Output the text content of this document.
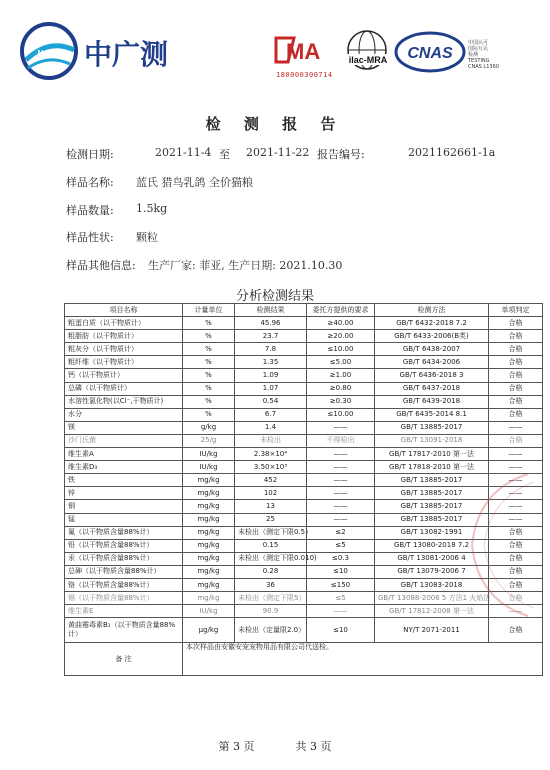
NACC 中广测	MA	ilac-MRA CNAS
180000300714
中国认可
国际互认
检测
TESTING
CNAS L1360
检 测 报 告
检测日期:	2021-11-4 至 2021-11-22 报告编号:	2021162661-1a
样品名称: 蓝氏 猎鸟乳鸽 全价猫粮
样品数量: 1.5kg
样品性状: 颗粒
样品其他信息: 生产厂家: 菲亚, 生产日期: 2021.10.30
分析检测结果
项目名称	计量单位	检测结果	委托方提供的要求	检测方法	单项判定
粗蛋白质（以干物质计）	%	45.96	≥40.00	GB/T 6432-2018 7.2	合格
粗脂肪（以干物质计）	%	23.7	≥20.00	GB/T 6433-2006(B类)	合格
粗灰分（以干物质计）	%	7.8	≤10.00	GB/T 6438-2007	合格
粗纤维（以干物质计）	%	1.35	≤5.00	GB/T 6434-2006	合格
钙（以干物质计）	%	1.09	≥1.00	GB/T 6436-2018 3	合格
总磷（以干物质计）	%	1.07	≥0.80	GB/T 6437-2018	合格
水溶性氯化物(以Cl⁻,干物质计)	%	0.54	≥0.30	GB/T 6439-2018	合格
水分	%	6.7	≤10.00	GB/T 6435-2014 8.1	合格
镁	g/kg	1.4	——	GB/T 13885-2017	——
沙门氏菌	25/g	未检出	不得检出	GB/T 13091-2018	合格
维生素A	IU/kg	2.38×10⁴	——	GB/T 17817-2010 第一法	——
维生素D₃	IU/kg	3.50×10³	——	GB/T 17818-2010 第一法	——
铁	mg/kg	452	——	GB/T 13885-2017	——
锌	mg/kg	102	——	GB/T 13885-2017	——
铜	mg/kg	13	——	GB/T 13885-2017	——
锰	mg/kg	25	——	GB/T 13885-2017	——
氟（以干物质含量88%计）	mg/kg	未检出（测定下限0.5）	≤2	GB/T 13082-1991	合格
铅（以干物质含量88%计）	mg/kg	0.15	≤5	GB/T 13080-2018 7.2	合格
汞（以干物质含量88%计）	mg/kg	未检出（测定下限0.010)	≤0.3	GB/T 13081-2006 4	合格
总砷（以干物质含量88%计）	mg/kg	0.28	≤10	GB/T 13079-2006 7	合格
铬（以干物质含量88%计）	mg/kg	36	≤150	GB/T 13083-2018	合格
镉（以干物质含量88%计）	mg/kg	未检出（测定下限5）	≤5	GB/T 13088-2006 5 方法1 火焰法	合格
维生素E	IU/kg	90.9	——	GB/T 17812-2008 第一法	——
黄曲霉毒素B₁（以干物质含量88%计）	μg/kg	未检出（定量限2.0）	≤10	NY/T 2071-2011	合格
备 注	本次样品由安徽安宠宠物用品有限公司代送检。				
第 3 页	共 3 页
